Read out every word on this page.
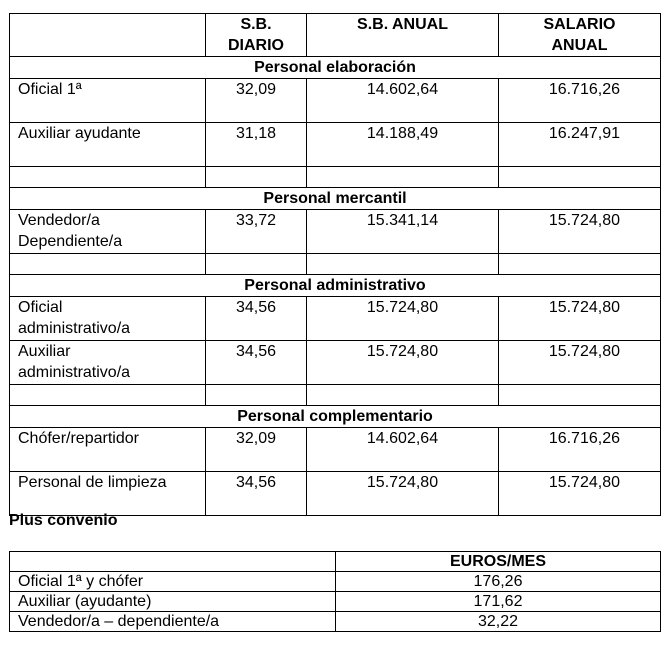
	S.B.
DIARIO	S.B. ANUAL	SALARIO
ANUAL
Personal elaboración			
Oficial 1ª	32,09	14.602,64	16.716,26
Auxiliar ayudante	31,18	14.188,49	16.247,91

Personal mercantil			
Vendedor/a
Dependiente/a	33,72	15.341,14	15.724,80

Personal administrativo			
Oficial
administrativo/a	34,56	15.724,80	15.724,80
Auxiliar
administrativo/a	34,56	15.724,80	15.724,80

Personal complementario			
Chófer/repartidor	32,09	14.602,64	16.716,26
Personal de limpieza	34,56	15.724,80	15.724,80
Plus convenio
	EUROS/MES
Oficial 1ª y chófer	176,26
Auxiliar (ayudante)	171,62
Vendedor/a – dependiente/a	32,22
